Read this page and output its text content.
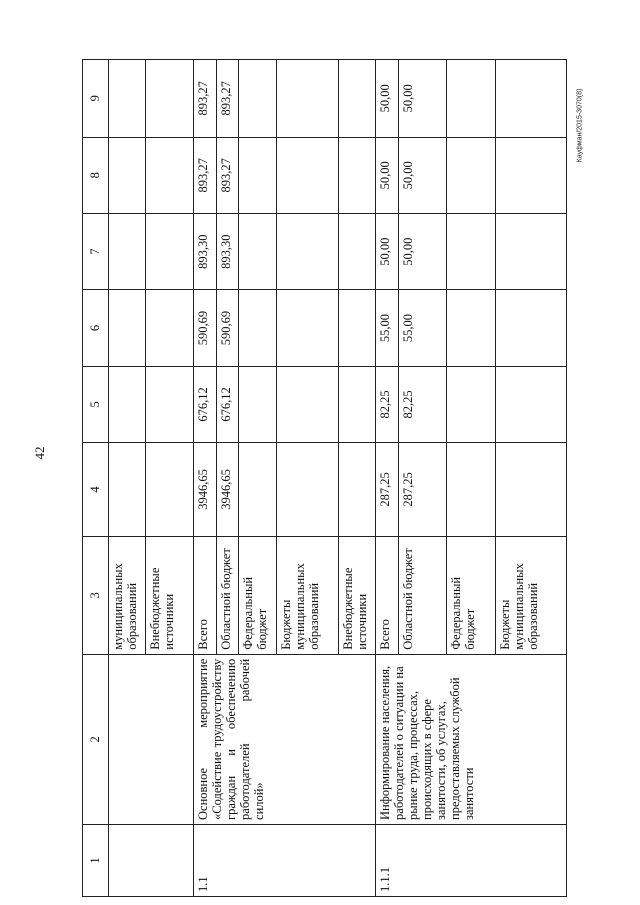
42
Кауфман/2015-3070(8)
1	2	3	4	5	6	7	8	9
		муниципальных образований						
		Внебюджетные источники						
1.1	Основное мероприятие «Содействие трудоустройству граждан и обеспечению работодателей рабочей силой»	Всего	3946,65	676,12	590,69	893,30	893,27	893,27
		Областной бюджет	3946,65	676,12	590,69	893,30	893,27	893,27
		Федеральный бюджет						
		Бюджеты муниципальных образований						
		Внебюджетные источники						
1.1.1	Информирование населения, работодателей о ситуации на рынке труда, процессах, происходящих в сфере занятости, об услугах, предоставляемых службой занятости	Всего	287,25	82,25	55,00	50,00	50,00	50,00
		Областной бюджет	287,25	82,25	55,00	50,00	50,00	50,00
		Федеральный бюджет						
		Бюджеты муниципальных образований						
